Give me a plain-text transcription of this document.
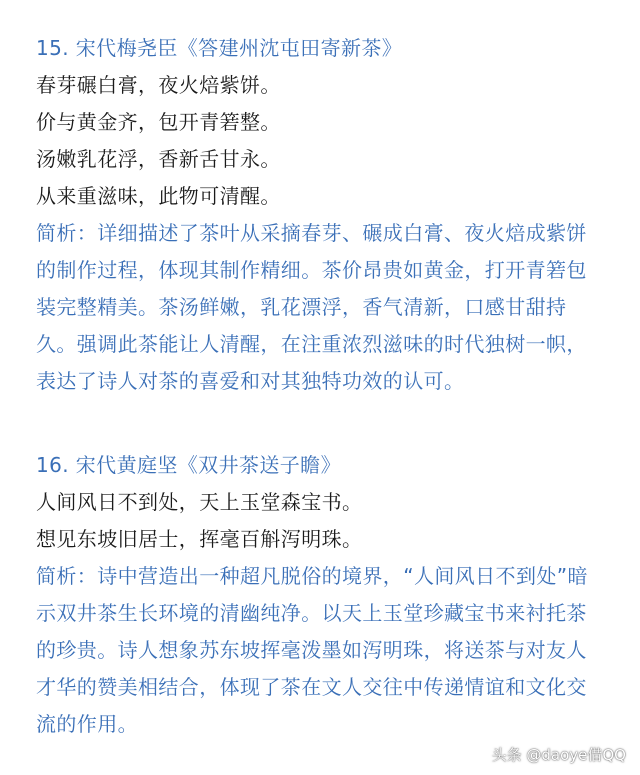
15. 宋代梅尧臣《答建州沈屯田寄新茶》
春芽碾白膏，夜火焙紫饼。
价与黄金齐，包开青箬整。
汤嫩乳花浮，香新舌甘永。
从来重滋味，此物可清醒。
简析：详细描述了茶叶从采摘春芽、碾成白膏、夜火焙成紫饼
的制作过程，体现其制作精细。茶价昂贵如黄金，打开青箬包
装完整精美。茶汤鲜嫩，乳花漂浮，香气清新，口感甘甜持
久。强调此茶能让人清醒，在注重浓烈滋味的时代独树一帜，
表达了诗人对茶的喜爱和对其独特功效的认可。
16. 宋代黄庭坚《双井茶送子瞻》
人间风日不到处，天上玉堂森宝书。
想见东坡旧居士，挥毫百斛泻明珠。
简析：诗中营造出一种超凡脱俗的境界，“人间风日不到处”暗
示双井茶生长环境的清幽纯净。以天上玉堂珍藏宝书来衬托茶
的珍贵。诗人想象苏东坡挥毫泼墨如泻明珠，将送茶与对友人
才华的赞美相结合，体现了茶在文人交往中传递情谊和文化交
流的作用。
头条 @daoye借QQ
